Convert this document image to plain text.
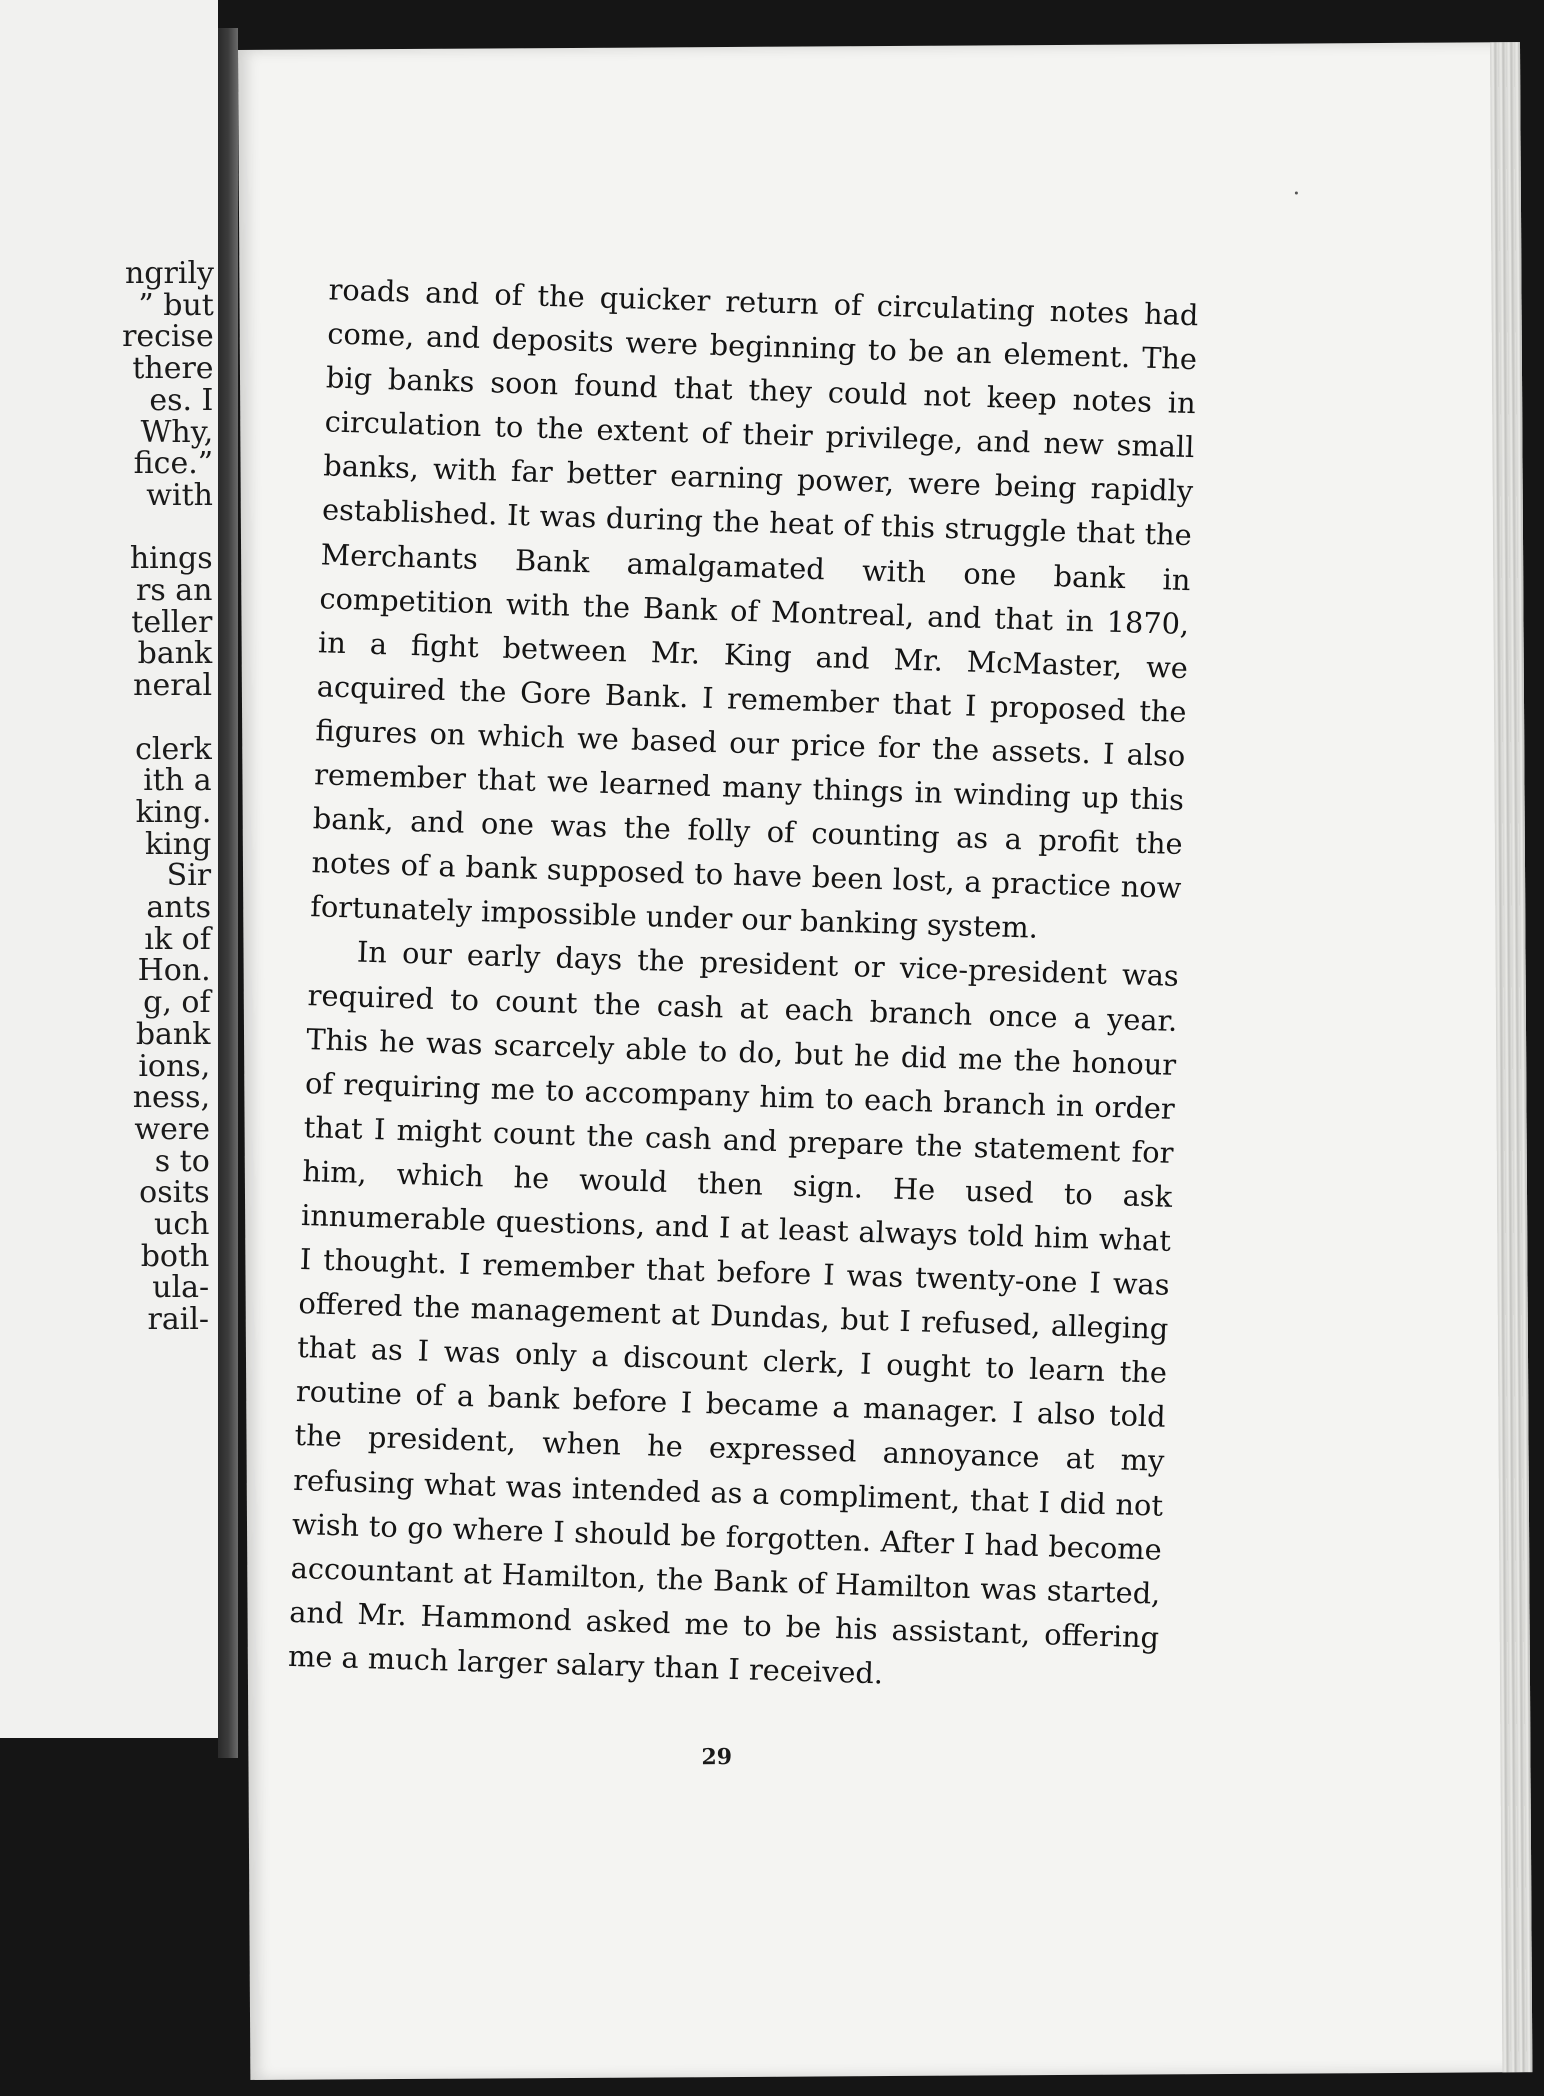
ngrily
” but
recise
there
es. I
Why,
fice.”
with
hings
rs an
teller
bank
neral
clerk
ith a
king.
king
Sir
ants
ık of
Hon.
g, of
bank
ions,
ness,
were
s to
osits
uch
both
ula-
rail-

roads and of the quicker return of circulating notes had come, and deposits were beginning to be an element. The big banks soon found that they could not keep notes in circulation to the extent of their privilege, and new small banks, with far better earning power, were being rapidly established. It was during the heat of this struggle that the Merchants Bank amalgamated with one bank in competition with the Bank of Montreal, and that in 1870, in a fight between Mr. King and Mr. McMaster, we acquired the Gore Bank. I remember that I proposed the figures on which we based our price for the assets. I also remember that we learned many things in winding up this bank, and one was the folly of counting as a profit the notes of a bank supposed to have been lost, a practice now fortunately impossible under our banking system.

In our early days the president or vice-president was required to count the cash at each branch once a year. This he was scarcely able to do, but he did me the honour of requiring me to accompany him to each branch in order that I might count the cash and prepare the statement for him, which he would then sign. He used to ask innumerable questions, and I at least always told him what I thought. I remember that before I was twenty-one I was offered the management at Dundas, but I refused, alleging that as I was only a discount clerk, I ought to learn the routine of a bank before I became a manager. I also told the president, when he expressed annoyance at my refusing what was intended as a compliment, that I did not wish to go where I should be forgotten. After I had become accountant at Hamilton, the Bank of Hamilton was started, and Mr. Hammond asked me to be his assistant, offering me a much larger salary than I received.

29
